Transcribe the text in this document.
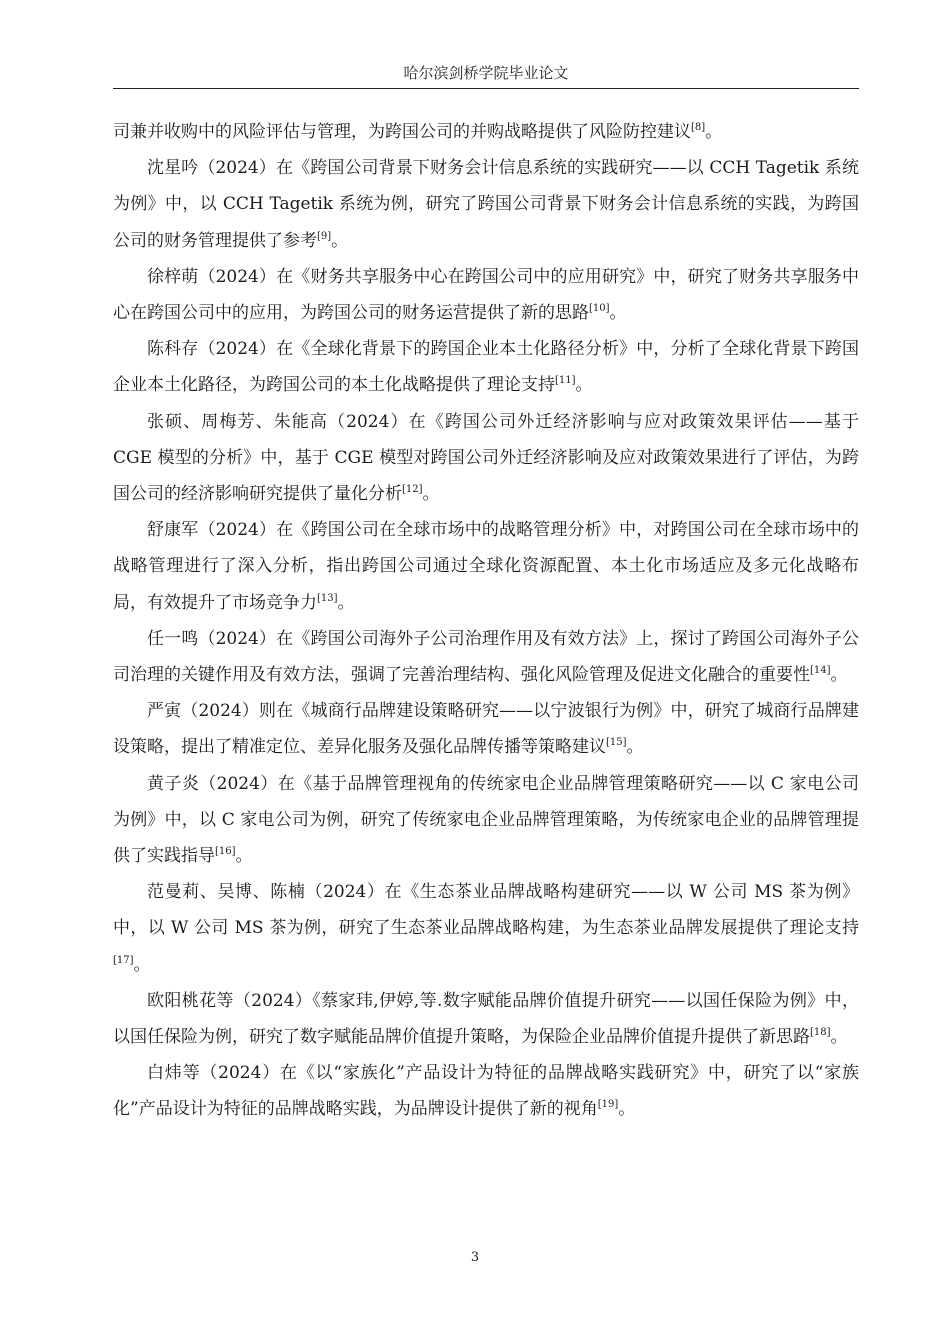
哈尔滨剑桥学院毕业论文

司兼并收购中的风险评估与管理，为跨国公司的并购战略提供了风险防控建议[8]。

沈星吟（2024）在《跨国公司背景下财务会计信息系统的实践研究——以 CCH Tagetik 系统为例》中，以 CCH Tagetik 系统为例，研究了跨国公司背景下财务会计信息系统的实践，为跨国公司的财务管理提供了参考[9]。

徐梓萌（2024）在《财务共享服务中心在跨国公司中的应用研究》中，研究了财务共享服务中心在跨国公司中的应用，为跨国公司的财务运营提供了新的思路[10]。

陈科存（2024）在《全球化背景下的跨国企业本土化路径分析》中，分析了全球化背景下跨国企业本土化路径，为跨国公司的本土化战略提供了理论支持[11]。

张硕、周梅芳、朱能高（2024）在《跨国公司外迁经济影响与应对政策效果评估——基于 CGE 模型的分析》中，基于 CGE 模型对跨国公司外迁经济影响及应对政策效果进行了评估，为跨国公司的经济影响研究提供了量化分析[12]。

舒康军（2024）在《跨国公司在全球市场中的战略管理分析》中，对跨国公司在全球市场中的战略管理进行了深入分析，指出跨国公司通过全球化资源配置、本土化市场适应及多元化战略布局，有效提升了市场竞争力[13]。

任一鸣（2024）在《跨国公司海外子公司治理作用及有效方法》上，探讨了跨国公司海外子公司治理的关键作用及有效方法，强调了完善治理结构、强化风险管理及促进文化融合的重要性[14]。

严寅（2024）则在《城商行品牌建设策略研究——以宁波银行为例》中，研究了城商行品牌建设策略，提出了精准定位、差异化服务及强化品牌传播等策略建议[15]。

黄子炎（2024）在《基于品牌管理视角的传统家电企业品牌管理策略研究——以 C 家电公司为例》中，以 C 家电公司为例，研究了传统家电企业品牌管理策略，为传统家电企业的品牌管理提供了实践指导[16]。

范曼莉、吴博、陈楠（2024）在《生态茶业品牌战略构建研究——以 W 公司 MS 茶为例》中，以 W 公司 MS 茶为例，研究了生态茶业品牌战略构建，为生态茶业品牌发展提供了理论支持[17]。

欧阳桃花等（2024）《蔡家玮,伊婷,等.数字赋能品牌价值提升研究——以国任保险为例》中，以国任保险为例，研究了数字赋能品牌价值提升策略，为保险企业品牌价值提升提供了新思路[18]。

白炜等（2024）在《以“家族化”产品设计为特征的品牌战略实践研究》中，研究了以“家族化”产品设计为特征的品牌战略实践，为品牌设计提供了新的视角[19]。

3
